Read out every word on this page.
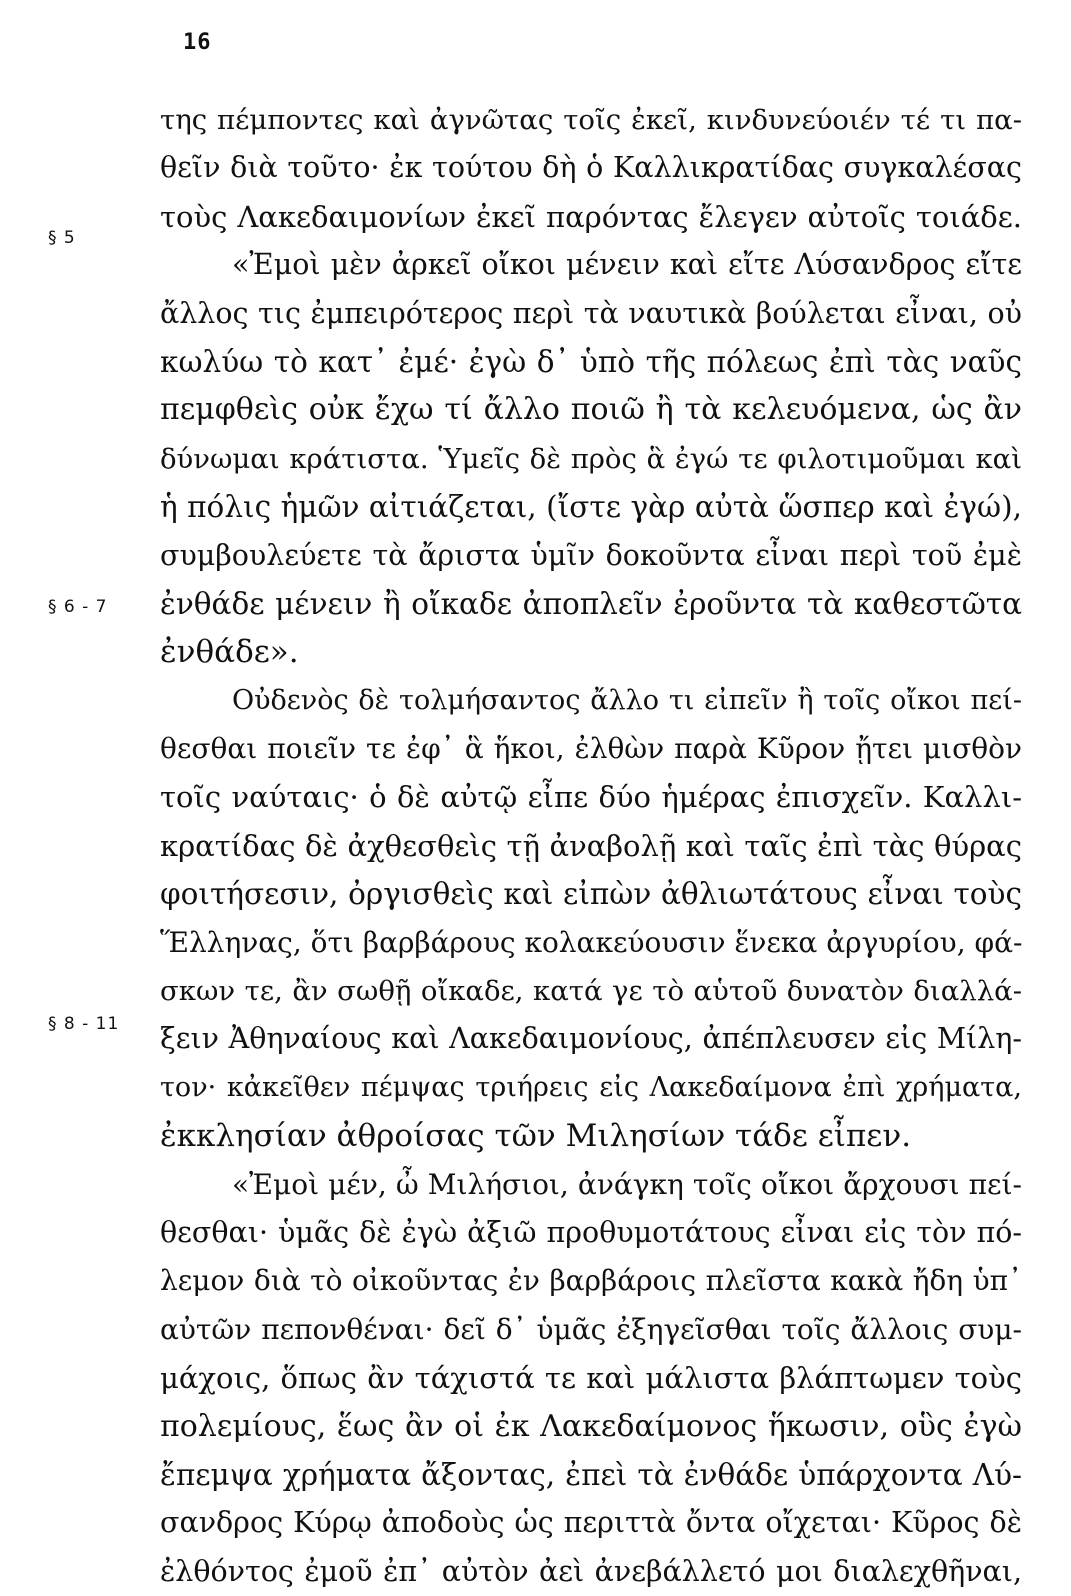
16
§ 5
§ 6 - 7
§ 8 - 11
της πέμποντες καὶ ἀγνῶτας τοῖς ἐκεῖ, κινδυνεύοιέν τέ τι πα-
θεῖν διὰ τοῦτο· ἐκ τούτου δὴ ὁ Καλλικρατίδας συγκαλέσας
τοὺς Λακεδαιμονίων ἐκεῖ παρόντας ἔλεγεν αὐτοῖς τοιάδε.
«Ἐμοὶ μὲν ἀρκεῖ οἴκοι μένειν καὶ εἴτε Λύσανδρος εἴτε
ἄλλος τις ἐμπειρότερος περὶ τὰ ναυτικὰ βούλεται εἶναι, οὐ
κωλύω τὸ κατ᾽ ἐμέ· ἐγὼ δ᾽ ὑπὸ τῆς πόλεως ἐπὶ τὰς ναῦς
πεμφθεὶς οὐκ ἔχω τί ἄλλο ποιῶ ἢ τὰ κελευόμενα, ὡς ἂν
δύνωμαι κράτιστα. Ὑμεῖς δὲ πρὸς ἃ ἐγώ τε φιλοτιμοῦμαι καὶ
ἡ πόλις ἡμῶν αἰτιάζεται, (ἴστε γὰρ αὐτὰ ὥσπερ καὶ ἐγώ),
συμβουλεύετε τὰ ἄριστα ὑμῖν δοκοῦντα εἶναι περὶ τοῦ ἐμὲ
ἐνθάδε μένειν ἢ οἴκαδε ἀποπλεῖν ἐροῦντα τὰ καθεστῶτα
ἐνθάδε».
Οὐδενὸς δὲ τολμήσαντος ἄλλο τι εἰπεῖν ἢ τοῖς οἴκοι πεί-
θεσθαι ποιεῖν τε ἐφ᾽ ἃ ἥκοι, ἐλθὼν παρὰ Κῦρον ᾔτει μισθὸν
τοῖς ναύταις· ὁ δὲ αὐτῷ εἶπε δύο ἡμέρας ἐπισχεῖν. Καλλι-
κρατίδας δὲ ἀχθεσθεὶς τῇ ἀναβολῇ καὶ ταῖς ἐπὶ τὰς θύρας
φοιτήσεσιν, ὀργισθεὶς καὶ εἰπὼν ἀθλιωτάτους εἶναι τοὺς
Ἕλληνας, ὅτι βαρβάρους κολακεύουσιν ἕνεκα ἀργυρίου, φά-
σκων τε, ἂν σωθῇ οἴκαδε, κατά γε τὸ αὑτοῦ δυνατὸν διαλλά-
ξειν Ἀθηναίους καὶ Λακεδαιμονίους, ἀπέπλευσεν εἰς Μίλη-
τον· κἀκεῖθεν πέμψας τριήρεις εἰς Λακεδαίμονα ἐπὶ χρήματα,
ἐκκλησίαν ἀθροίσας τῶν Μιλησίων τάδε εἶπεν.
«Ἐμοὶ μέν, ὦ Μιλήσιοι, ἀνάγκη τοῖς οἴκοι ἄρχουσι πεί-
θεσθαι· ὑμᾶς δὲ ἐγὼ ἀξιῶ προθυμοτάτους εἶναι εἰς τὸν πό-
λεμον διὰ τὸ οἰκοῦντας ἐν βαρβάροις πλεῖστα κακὰ ἤδη ὑπ᾽
αὐτῶν πεπονθέναι· δεῖ δ᾽ ὑμᾶς ἐξηγεῖσθαι τοῖς ἄλλοις συμ-
μάχοις, ὅπως ἂν τάχιστά τε καὶ μάλιστα βλάπτωμεν τοὺς
πολεμίους, ἕως ἂν οἱ ἐκ Λακεδαίμονος ἥκωσιν, οὓς ἐγὼ
ἔπεμψα χρήματα ἄξοντας, ἐπεὶ τὰ ἐνθάδε ὑπάρχοντα Λύ-
σανδρος Κύρῳ ἀποδοὺς ὡς περιττὰ ὄντα οἴχεται· Κῦρος δὲ
ἐλθόντος ἐμοῦ ἐπ᾽ αὐτὸν ἀεὶ ἀνεβάλλετό μοι διαλεχθῆναι,
